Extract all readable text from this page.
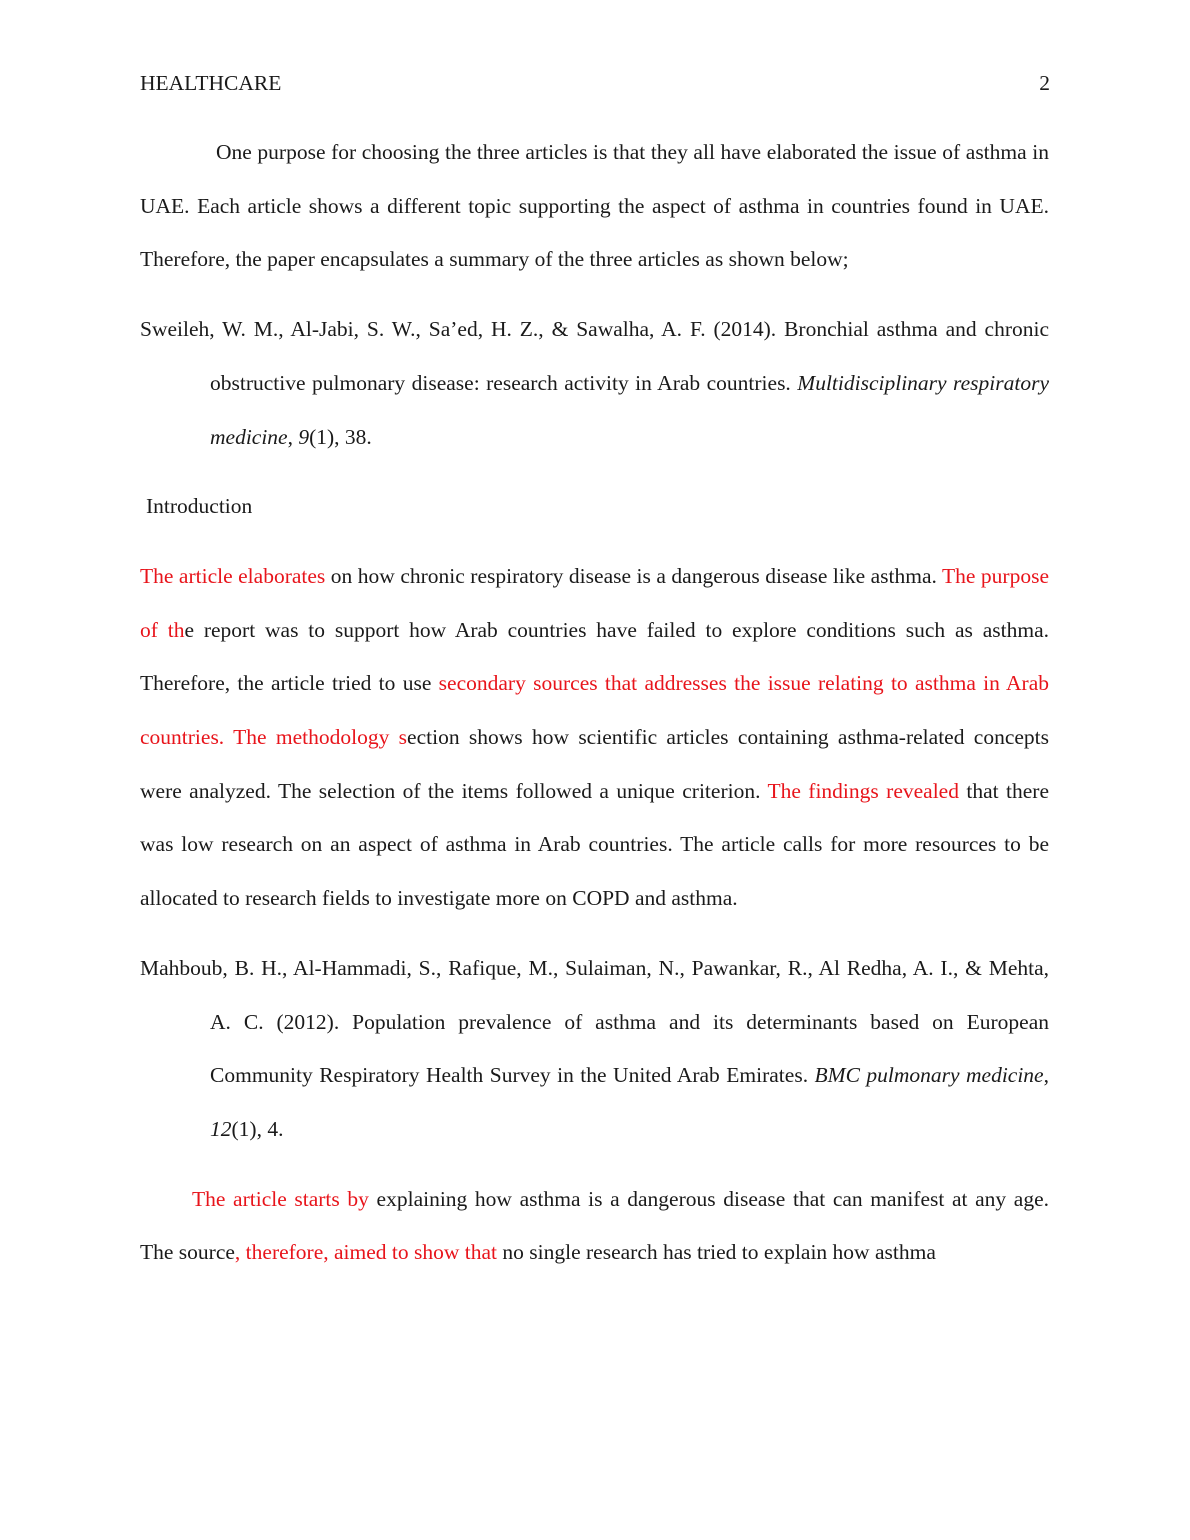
HEALTHCARE	2

One purpose for choosing the three articles is that they all have elaborated the issue of asthma in UAE. Each article shows a different topic supporting the aspect of asthma in countries found in UAE. Therefore, the paper encapsulates a summary of the three articles as shown below;

Sweileh, W. M., Al-Jabi, S. W., Sa’ed, H. Z., & Sawalha, A. F. (2014). Bronchial asthma and chronic obstructive pulmonary disease: research activity in Arab countries. Multidisciplinary respiratory medicine, 9(1), 38.

Introduction

The article elaborates on how chronic respiratory disease is a dangerous disease like asthma. The purpose of the report was to support how Arab countries have failed to explore conditions such as asthma. Therefore, the article tried to use secondary sources that addresses the issue relating to asthma in Arab countries. The methodology section shows how scientific articles containing asthma-related concepts were analyzed. The selection of the items followed a unique criterion. The findings revealed that there was low research on an aspect of asthma in Arab countries. The article calls for more resources to be allocated to research fields to investigate more on COPD and asthma.

Mahboub, B. H., Al-Hammadi, S., Rafique, M., Sulaiman, N., Pawankar, R., Al Redha, A. I., & Mehta, A. C. (2012). Population prevalence of asthma and its determinants based on European Community Respiratory Health Survey in the United Arab Emirates. BMC pulmonary medicine, 12(1), 4.

The article starts by explaining how asthma is a dangerous disease that can manifest at any age. The source, therefore, aimed to show that no single research has tried to explain how asthma
